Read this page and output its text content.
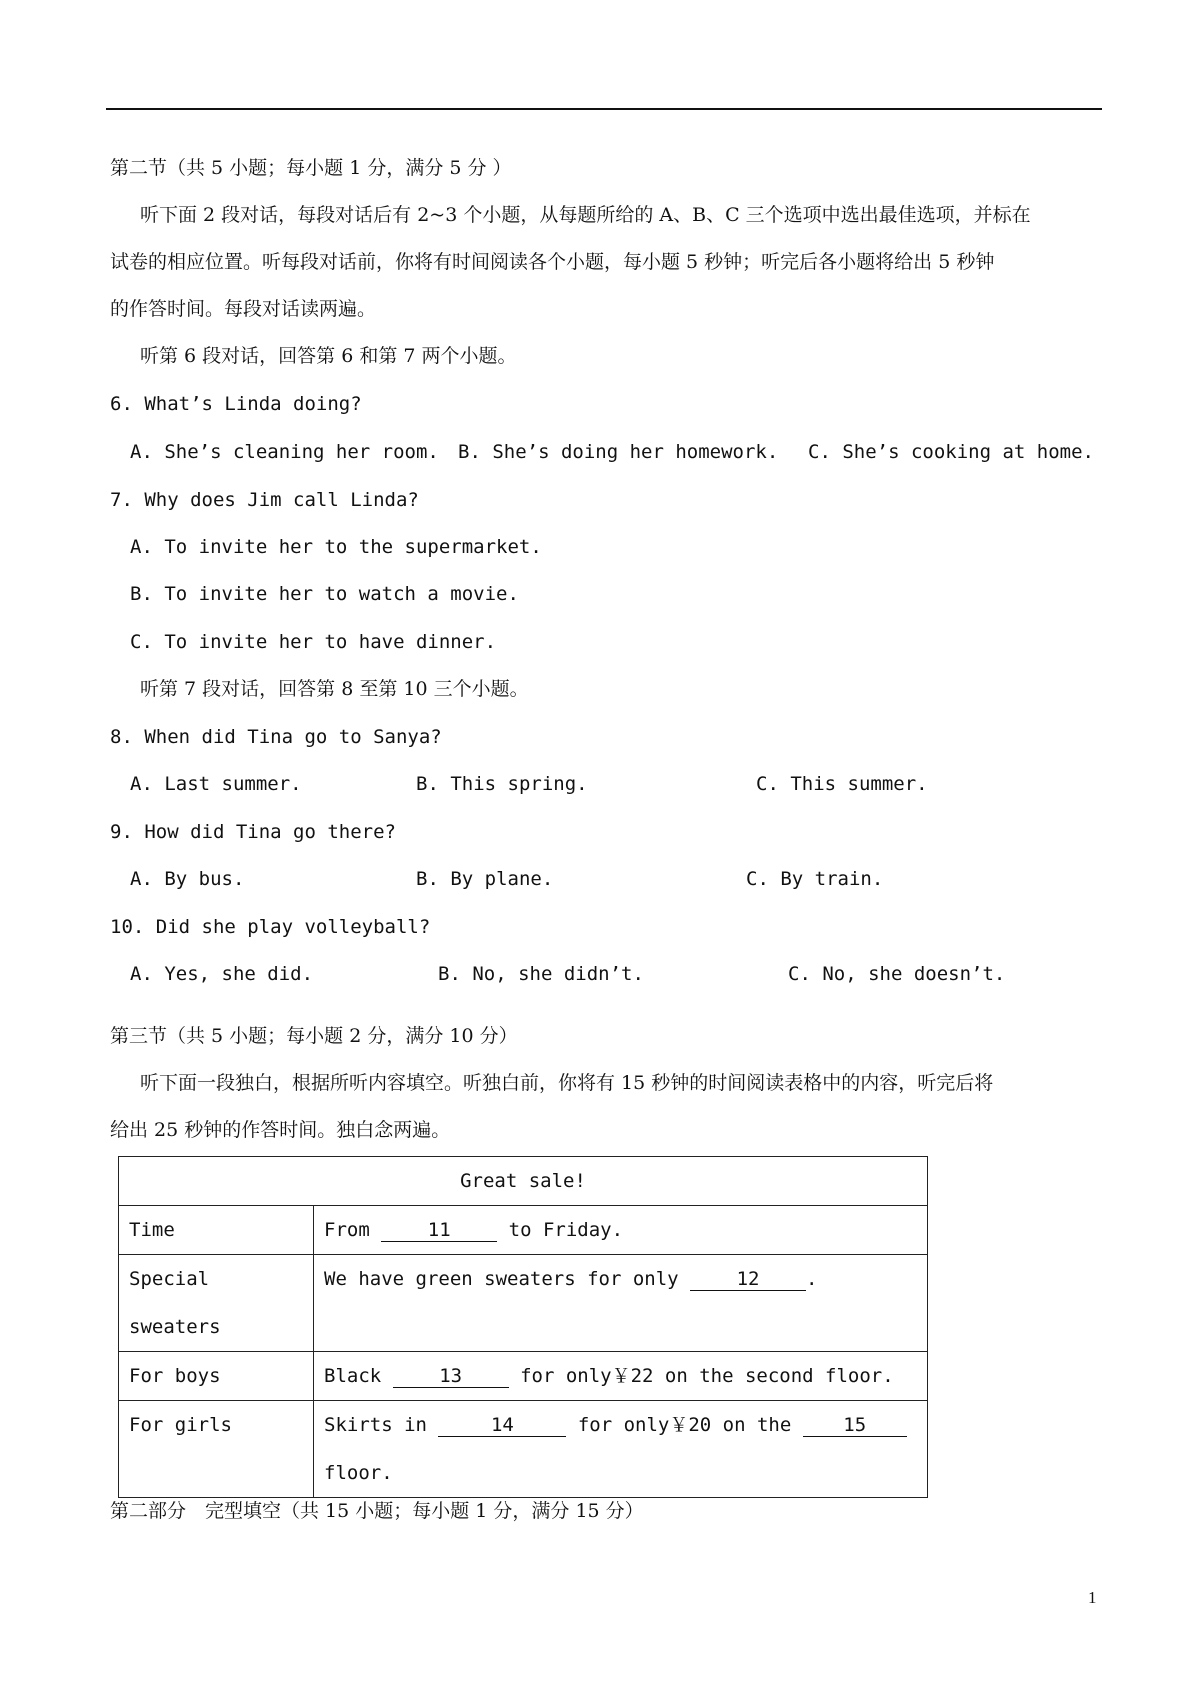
第二节（共 5 小题；每小题 1 分，满分 5 分 ）
听下面 2 段对话，每段对话后有 2~3 个小题，从每题所给的 A、B、C 三个选项中选出最佳选项，并标在
试卷的相应位置。听每段对话前，你将有时间阅读各个小题，每小题 5 秒钟；听完后各小题将给出 5 秒钟
的作答时间。每段对话读两遍。
听第 6 段对话，回答第 6 和第 7 两个小题。
6. What’s Linda doing?
A. She’s cleaning her room. B. She’s doing her homework. C. She’s cooking at home.
7. Why does Jim call Linda?
A. To invite her to the supermarket.
B. To invite her to watch a movie.
C. To invite her to have dinner.
听第 7 段对话，回答第 8 至第 10 三个小题。
8. When did Tina go to Sanya?
A. Last summer.	B. This spring.	C. This summer.
9. How did Tina go there?
A. By bus.	B. By plane.	C. By train.
10. Did she play volleyball?
A. Yes, she did.	B. No, she didn’t.	C. No, she doesn’t.
第三节（共 5 小题；每小题 2 分，满分 10 分）
听下面一段独白，根据所听内容填空。听独白前，你将有 15 秒钟的时间阅读表格中的内容，听完后将
给出 25 秒钟的作答时间。独白念两遍。
Great sale!	
Time	From 11 to Friday.
Special sweaters	We have green sweaters for only 12 .
For boys	Black 13 for only￥22 on the second floor.
For girls	Skirts in 14 for only￥20 on the 15
floor.
第二部分　完型填空（共 15 小题；每小题 1 分，满分 15 分）
1
